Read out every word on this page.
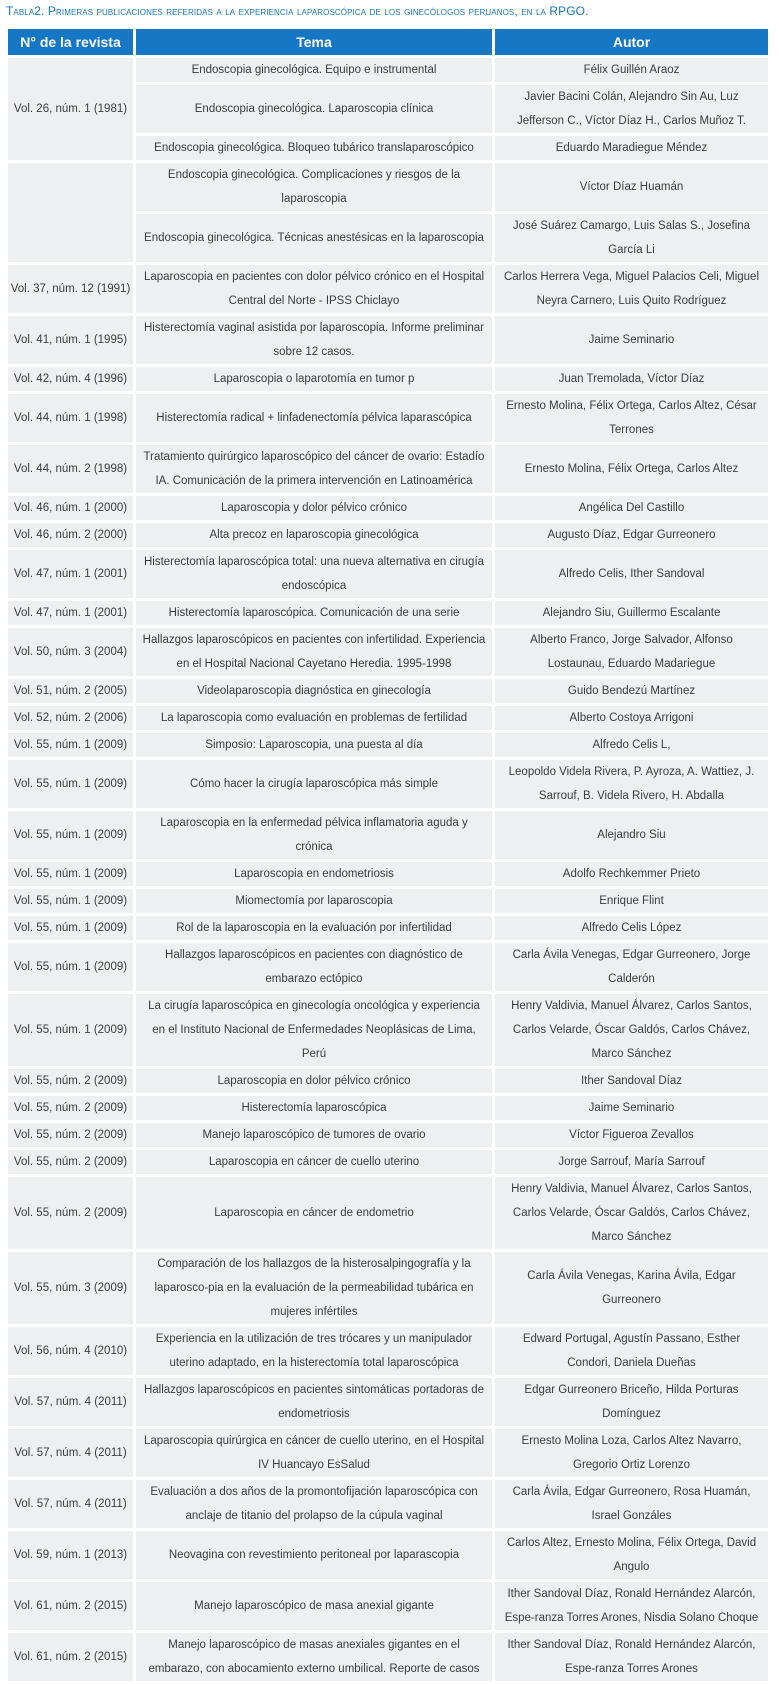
Tabla2. Primeras publicaciones referidas a la experiencia laparoscópica de los ginecólogos peruanos, en la RPGO.
N° de la revista	Tema	Autor
Vol. 26, núm. 1 (1981)	Endoscopia ginecológica. Equipo e instrumental	Félix Guillén Araoz
	Endoscopia ginecológica. Laparoscopia clínica	Javier Bacini Colán, Alejandro Sin Au, Luz Jefferson C., Víctor Díaz H., Carlos Muñoz T.
	Endoscopia ginecológica. Bloqueo tubárico translaparoscópico	Eduardo Maradiegue Méndez
	Endoscopia ginecológica. Complicaciones y riesgos de la laparoscopia	Víctor Díaz Huamán
	Endoscopia ginecológica. Técnicas anestésicas en la laparoscopia	José Suárez Camargo, Luis Salas S., Josefina García Li
Vol. 37, núm. 12 (1991)	Laparoscopia en pacientes con dolor pélvico crónico en el Hospital Central del Norte - IPSS Chiclayo	Carlos Herrera Vega, Miguel Palacios Celi, Miguel Neyra Carnero, Luis Quito Rodríguez
Vol. 41, núm. 1 (1995)	Histerectomía vaginal asistida por laparoscopia. Informe preliminar sobre 12 casos.	Jaime Seminario
Vol. 42, núm. 4 (1996)	Laparoscopia o laparotomía en tumor p	Juan Tremolada, Víctor Díaz
Vol. 44, núm. 1 (1998)	Histerectomía radical + linfadenectomía pélvica laparascópica	Ernesto Molina, Félix Ortega, Carlos Altez, César Terrones
Vol. 44, núm. 2 (1998)	Tratamiento quirúrgico laparoscópico del cáncer de ovario: Estadío IA. Comunicación de la primera intervención en Latinoamérica	Ernesto Molina, Félix Ortega, Carlos Altez
Vol. 46, núm. 1 (2000)	Laparoscopia y dolor pélvico crónico	Angélica Del Castillo
Vol. 46, núm. 2 (2000)	Alta precoz en laparoscopia ginecológica	Augusto Díaz, Edgar Gurreonero
Vol. 47, núm. 1 (2001)	Histerectomía laparoscópica total: una nueva alternativa en cirugía endoscópica	Alfredo Celis, Ither Sandoval
Vol. 47, núm. 1 (2001)	Histerectomía laparoscópica. Comunicación de una serie	Alejandro Siu, Guillermo Escalante
Vol. 50, núm. 3 (2004)	Hallazgos laparoscópicos en pacientes con infertilidad. Experiencia en el Hospital Nacional Cayetano Heredia. 1995-1998	Alberto Franco, Jorge Salvador, Alfonso Lostaunau, Eduardo Madariegue
Vol. 51, núm. 2 (2005)	Videolaparoscopia diagnóstica en ginecología	Guido Bendezú Martínez
Vol. 52, núm. 2 (2006)	La laparoscopia como evaluación en problemas de fertilidad	Alberto Costoya Arrigoni
Vol. 55, núm. 1 (2009)	Simposio: Laparoscopia, una puesta al día	Alfredo Celis L,
Vol. 55, núm. 1 (2009)	Cómo hacer la cirugía laparoscópica más simple	Leopoldo Videla Rivera, P. Ayroza, A. Wattiez, J. Sarrouf, B. Videla Rivero, H. Abdalla
Vol. 55, núm. 1 (2009)	Laparoscopia en la enfermedad pélvica inflamatoria aguda y crónica	Alejandro Siu
Vol. 55, núm. 1 (2009)	Laparoscopia en endometriosis	Adolfo Rechkemmer Prieto
Vol. 55, núm. 1 (2009)	Miomectomía por laparoscopia	Enrique Flint
Vol. 55, núm. 1 (2009)	Rol de la laparoscopia en la evaluación por infertilidad	Alfredo Celis López
Vol. 55, núm. 1 (2009)	Hallazgos laparoscópicos en pacientes con diagnóstico de embarazo ectópico	Carla Ávila Venegas, Edgar Gurreonero, Jorge Calderón
Vol. 55, núm. 1 (2009)	La cirugía laparoscópica en ginecología oncológica y experiencia en el Instituto Nacional de Enfermedades Neoplásicas de Lima, Perú	Henry Valdivia, Manuel Álvarez, Carlos Santos, Carlos Velarde, Óscar Galdós, Carlos Chávez, Marco Sánchez
Vol. 55, núm. 2 (2009)	Laparoscopia en dolor pélvico crónico	Ither Sandoval Díaz
Vol. 55, núm. 2 (2009)	Histerectomía laparoscópica	Jaime Seminario
Vol. 55, núm. 2 (2009)	Manejo laparoscópico de tumores de ovario	Víctor Figueroa Zevallos
Vol. 55, núm. 2 (2009)	Laparoscopia en cáncer de cuello uterino	Jorge Sarrouf, María Sarrouf
Vol. 55, núm. 2 (2009)	Laparoscopia en cáncer de endometrio	Henry Valdivia, Manuel Álvarez, Carlos Santos, Carlos Velarde, Óscar Galdós, Carlos Chávez, Marco Sánchez
Vol. 55, núm. 3 (2009)	Comparación de los hallazgos de la histerosalpingografía y la laparosco-pia en la evaluación de la permeabilidad tubárica en mujeres infértiles	Carla Ávila Venegas, Karina Ávila, Edgar Gurreonero
Vol. 56, núm. 4 (2010)	Experiencia en la utilización de tres trócares y un manipulador uterino adaptado, en la histerectomía total laparoscópica	Edward Portugal, Agustín Passano, Esther Condori, Daniela Dueñas
Vol. 57, núm. 4 (2011)	Hallazgos laparoscópicos en pacientes sintomáticas portadoras de endometriosis	Edgar Gurreonero Briceño, Hilda Porturas Domínguez
Vol. 57, núm. 4 (2011)	Laparoscopia quirúrgica en cáncer de cuello uterino, en el Hospital IV Huancayo EsSalud	Ernesto Molina Loza, Carlos Altez Navarro, Gregorio Ortiz Lorenzo
Vol. 57, núm. 4 (2011)	Evaluación a dos años de la promontofijación laparoscópica con anclaje de titanio del prolapso de la cúpula vaginal	Carla Ávila, Edgar Gurreonero, Rosa Huamán, Israel Gonzáles
Vol. 59, núm. 1 (2013)	Neovagina con revestimiento peritoneal por laparascopia	Carlos Altez, Ernesto Molina, Félix Ortega, David Angulo
Vol. 61, núm. 2 (2015)	Manejo laparoscópico de masa anexial gigante	Ither Sandoval Díaz, Ronald Hernández Alarcón, Espe-ranza Torres Arones, Nisdia Solano Choque
Vol. 61, núm. 2 (2015)	Manejo laparoscópico de masas anexiales gigantes en el embarazo, con abocamiento externo umbilical. Reporte de casos	Ither Sandoval Díaz, Ronald Hernández Alarcón, Espe-ranza Torres Arones
